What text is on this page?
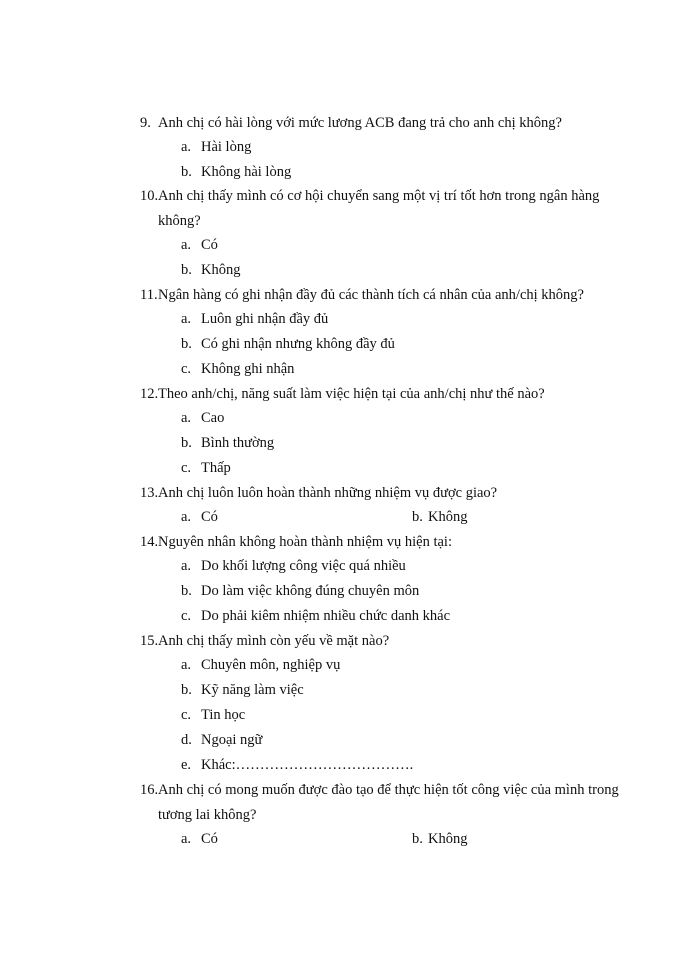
9. Anh chị có hài lòng với mức lương ACB đang trả cho anh chị không?
a. Hài lòng
b. Không hài lòng
10. Anh chị thấy mình có cơ hội chuyển sang một vị trí tốt hơn trong ngân hàng không?
a. Có
b. Không
11. Ngân hàng có ghi nhận đầy đủ các thành tích cá nhân của anh/chị không?
a. Luôn ghi nhận đầy đủ
b. Có ghi nhận nhưng không đầy đủ
c. Không ghi nhận
12. Theo anh/chị, năng suất làm việc hiện tại của anh/chị như thế nào?
a. Cao
b. Bình thường
c. Thấp
13. Anh chị luôn luôn hoàn thành những nhiệm vụ được giao?
a. Có	b. Không
14. Nguyên nhân không hoàn thành nhiệm vụ hiện tại:
a. Do khối lượng công việc quá nhiều
b. Do làm việc không đúng chuyên môn
c. Do phải kiêm nhiệm nhiều chức danh khác
15. Anh chị thấy mình còn yếu về mặt nào?
a. Chuyên môn, nghiệp vụ
b. Kỹ năng làm việc
c. Tin học
d. Ngoại ngữ
e. Khác:……………………………….
16. Anh chị có mong muốn được đào tạo để thực hiện tốt công việc của mình trong tương lai không?
a. Có	b. Không
